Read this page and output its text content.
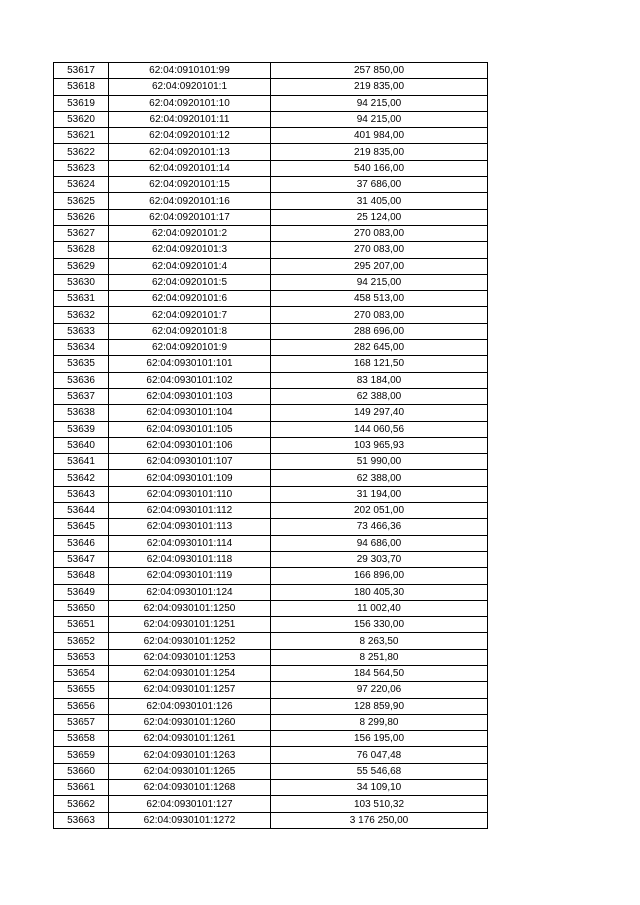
53617	62:04:0910101:99	257 850,00
53618	62:04:0920101:1	219 835,00
53619	62:04:0920101:10	94 215,00
53620	62:04:0920101:11	94 215,00
53621	62:04:0920101:12	401 984,00
53622	62:04:0920101:13	219 835,00
53623	62:04:0920101:14	540 166,00
53624	62:04:0920101:15	37 686,00
53625	62:04:0920101:16	31 405,00
53626	62:04:0920101:17	25 124,00
53627	62:04:0920101:2	270 083,00
53628	62:04:0920101:3	270 083,00
53629	62:04:0920101:4	295 207,00
53630	62:04:0920101:5	94 215,00
53631	62:04:0920101:6	458 513,00
53632	62:04:0920101:7	270 083,00
53633	62:04:0920101:8	288 696,00
53634	62:04:0920101:9	282 645,00
53635	62:04:0930101:101	168 121,50
53636	62:04:0930101:102	83 184,00
53637	62:04:0930101:103	62 388,00
53638	62:04:0930101:104	149 297,40
53639	62:04:0930101:105	144 060,56
53640	62:04:0930101:106	103 965,93
53641	62:04:0930101:107	51 990,00
53642	62:04:0930101:109	62 388,00
53643	62:04:0930101:110	31 194,00
53644	62:04:0930101:112	202 051,00
53645	62:04:0930101:113	73 466,36
53646	62:04:0930101:114	94 686,00
53647	62:04:0930101:118	29 303,70
53648	62:04:0930101:119	166 896,00
53649	62:04:0930101:124	180 405,30
53650	62:04:0930101:1250	11 002,40
53651	62:04:0930101:1251	156 330,00
53652	62:04:0930101:1252	8 263,50
53653	62:04:0930101:1253	8 251,80
53654	62:04:0930101:1254	184 564,50
53655	62:04:0930101:1257	97 220,06
53656	62:04:0930101:126	128 859,90
53657	62:04:0930101:1260	8 299,80
53658	62:04:0930101:1261	156 195,00
53659	62:04:0930101:1263	76 047,48
53660	62:04:0930101:1265	55 546,68
53661	62:04:0930101:1268	34 109,10
53662	62:04:0930101:127	103 510,32
53663	62:04:0930101:1272	3 176 250,00
